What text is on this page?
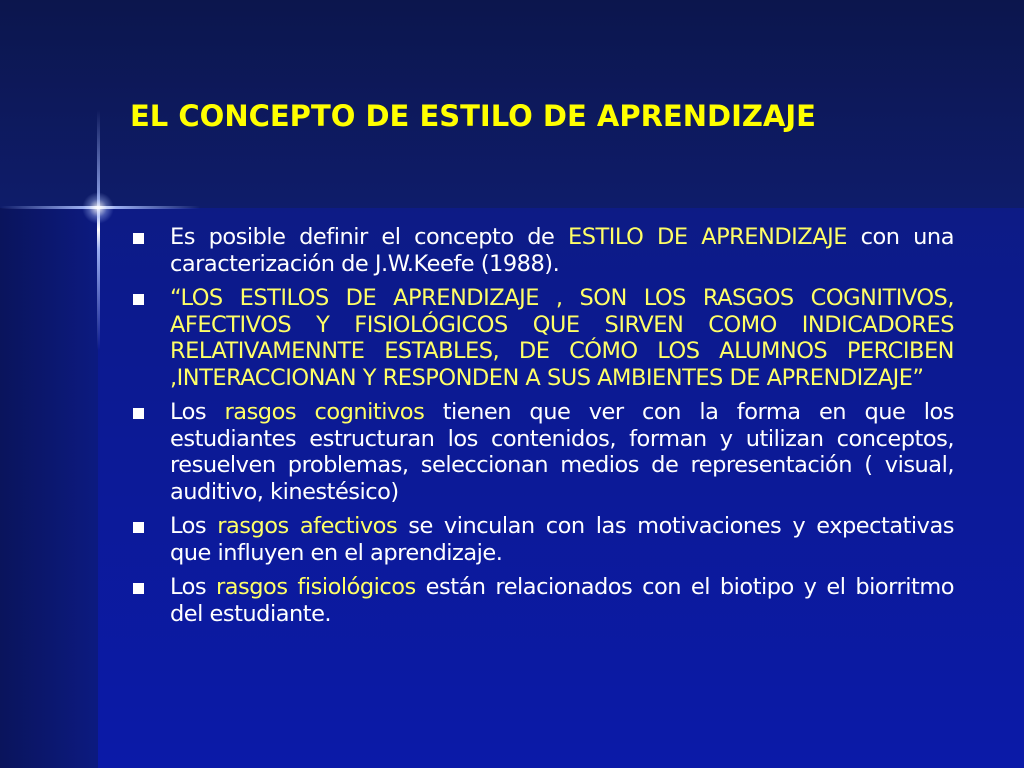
EL CONCEPTO DE ESTILO DE APRENDIZAJE
Es posible definir el concepto de ESTILO DE APRENDIZAJE con una caracterización de J.W.Keefe (1988).
“LOS ESTILOS DE APRENDIZAJE , SON LOS RASGOS COGNITIVOS, AFECTIVOS Y FISIOLÓGICOS QUE SIRVEN COMO INDICADORES RELATIVAMENNTE ESTABLES, DE CÓMO LOS ALUMNOS PERCIBEN ,INTERACCIONAN Y RESPONDEN A SUS AMBIENTES DE APRENDIZAJE”
Los rasgos cognitivos tienen que ver con la forma en que los estudiantes estructuran los contenidos, forman y utilizan conceptos, resuelven problemas, seleccionan medios de representación ( visual, auditivo, kinestésico)
Los rasgos afectivos se vinculan con las motivaciones y expectativas que influyen en el aprendizaje.
Los rasgos fisiológicos están relacionados con el biotipo y el biorritmo del estudiante.
